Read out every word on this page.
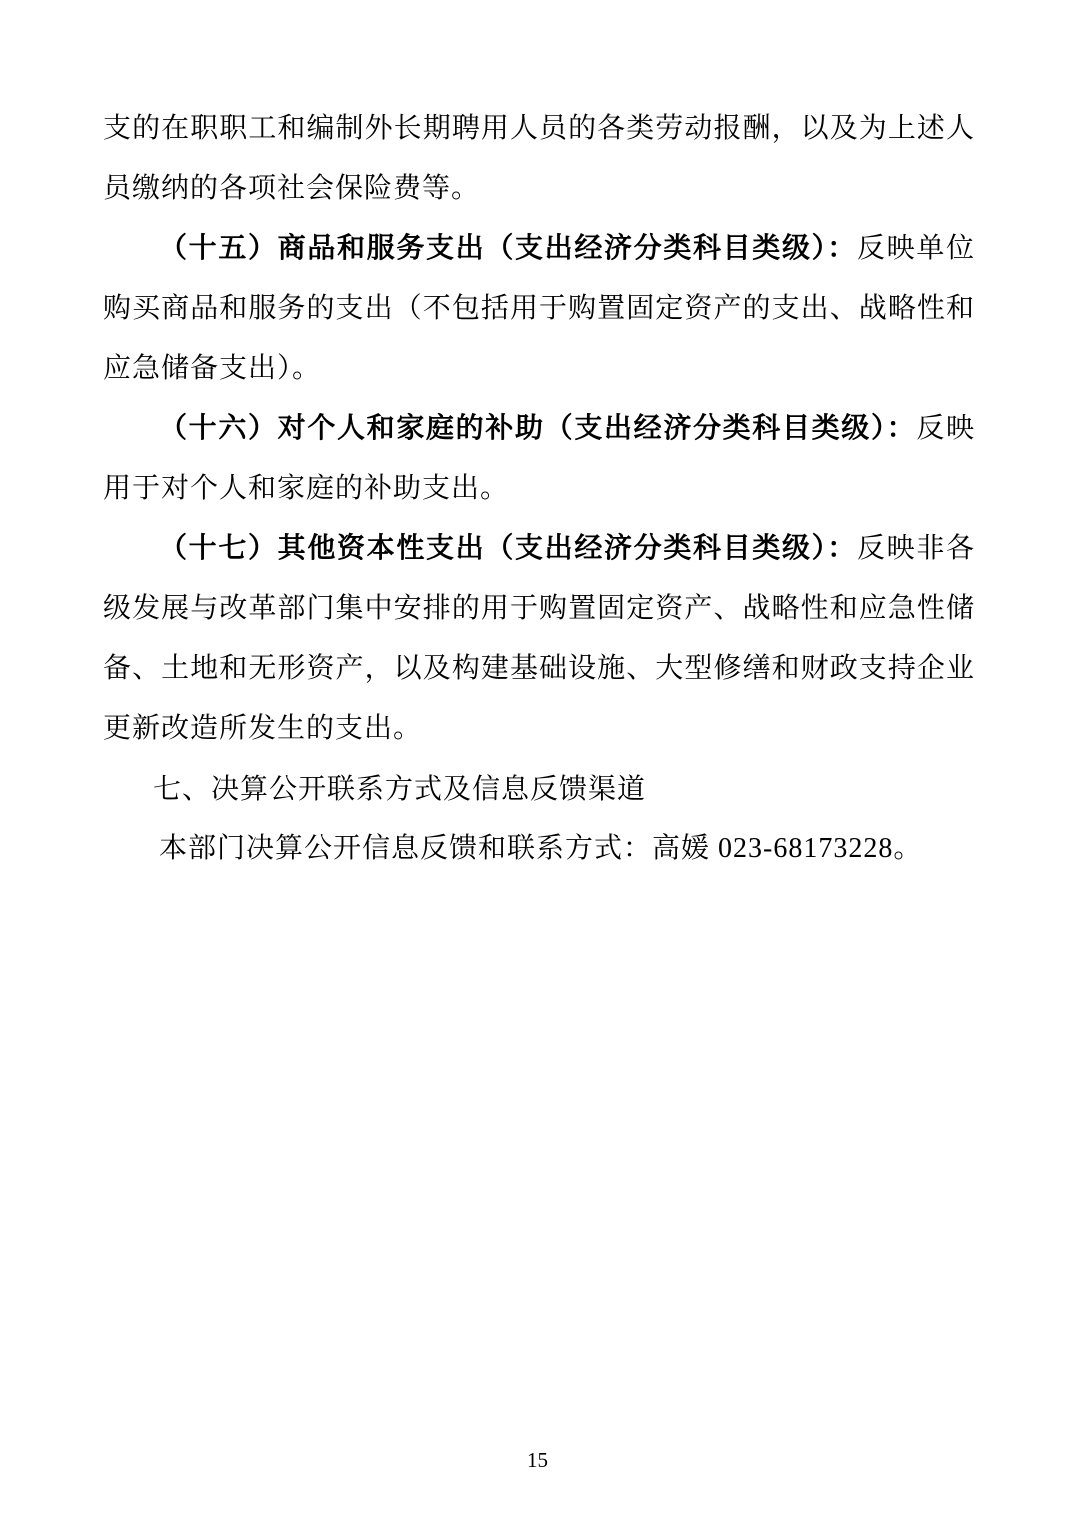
支的在职职工和编制外长期聘用人员的各类劳动报酬，以及为上述人员缴纳的各项社会保险费等。

（十五）商品和服务支出（支出经济分类科目类级）：反映单位购买商品和服务的支出（不包括用于购置固定资产的支出、战略性和应急储备支出）。

（十六）对个人和家庭的补助（支出经济分类科目类级）：反映用于对个人和家庭的补助支出。

（十七）其他资本性支出（支出经济分类科目类级）：反映非各级发展与改革部门集中安排的用于购置固定资产、战略性和应急性储备、土地和无形资产，以及构建基础设施、大型修缮和财政支持企业更新改造所发生的支出。

七、决算公开联系方式及信息反馈渠道

本部门决算公开信息反馈和联系方式：高媛 023-68173228。

15
